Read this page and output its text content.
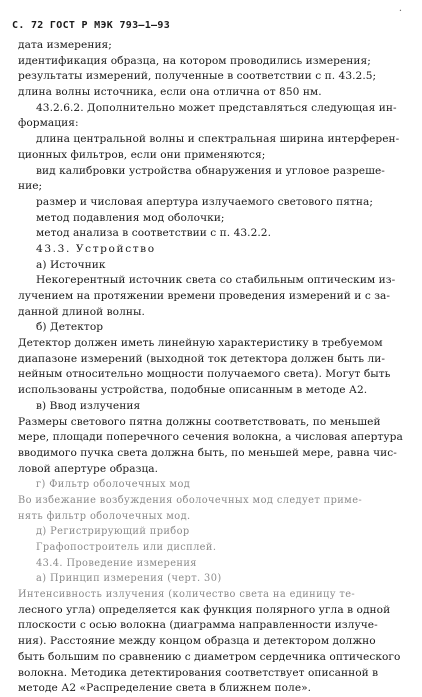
С. 72 ГОСТ Р МЭК 793—1—93
·
дата измерения;
идентификация образца, на котором проводились измерения;
результаты измерений, полученные в соответствии с п. 43.2.5;
длина волны источника, если она отлична от 850 нм.
43.2.6.2. Дополнительно может представляться следующая ин-
формация:
длина центральной волны и спектральная ширина интерферен-
ционных фильтров, если они применяются;
вид калибровки устройства обнаружения и угловое разреше-
ние;
размер и числовая апертура излучаемого светового пятна;
метод подавления мод оболочки;
метод анализа в соответствии с п. 43.2.2.
43.3. Устройство
а) Источник
Некогерентный источник света со стабильным оптическим из-
лучением на протяжении времени проведения измерений и с за-
данной длиной волны.
б) Детектор
Детектор должен иметь линейную характеристику в требуемом
диапазоне измерений (выходной ток детектора должен быть ли-
нейным относительно мощности получаемого света). Могут быть
использованы устройства, подобные описанным в методе А2.
в) Ввод излучения
Размеры светового пятна должны соответствовать, по меньшей
мере, площади поперечного сечения волокна, а числовая апертура
вводимого пучка света должна быть, по меньшей мере, равна чис-
ловой апертуре образца.
г) Фильтр оболочечных мод
Во избежание возбуждения оболочечных мод следует приме-
нять фильтр оболочечных мод.
д) Регистрирующий прибор
Графопостроитель или дисплей.
43.4. Проведение измерения
а) Принцип измерения (черт. 30)
Интенсивность излучения (количество света на единицу те-
лесного угла) определяется как функция полярного угла в одной
плоскости с осью волокна (диаграмма направленности излуче-
ния). Расстояние между концом образца и детектором должно
быть большим по сравнению с диаметром сердечника оптического
волокна. Методика детектирования соответствует описанной в
методе А2 «Распределение света в ближнем поле».
